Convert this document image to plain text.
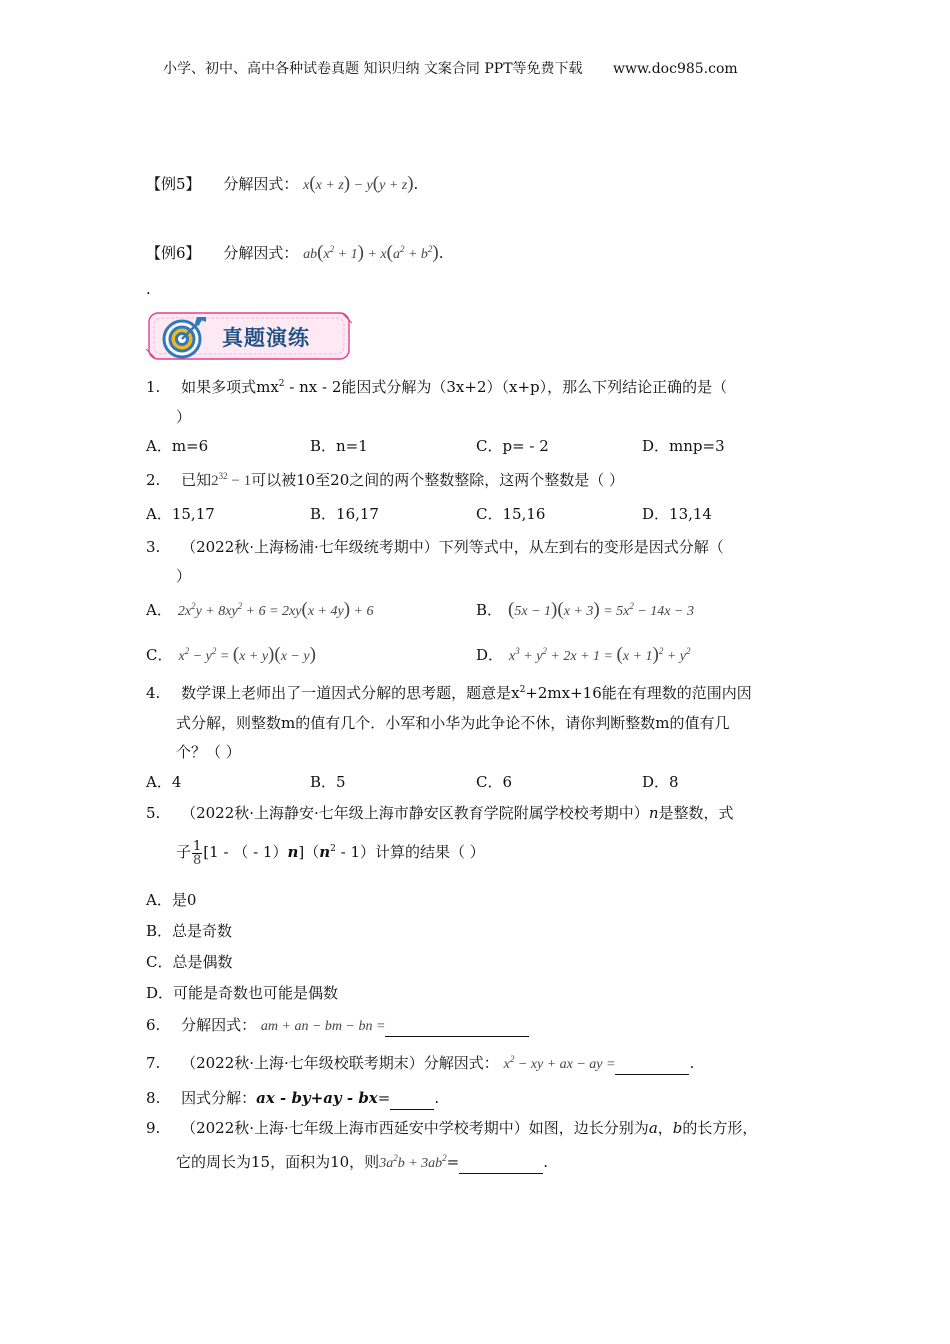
小学、初中、高中各种试卷真题 知识归纳 文案合同 PPT等免费下载 www.doc985.com
【例5】 分解因式： x(x + z) − y(y + z).
【例6】 分解因式： $ab(x^2 + 1) + x(a^2 + b^2)$.
.
真题演练
1. 如果多项式$mx^2$ - nx - 2能因式分解为（3x+2）（x+p），那么下列结论正确的是（
）
A．m=6	B．n=1	C．p= - 2	D．mnp=3
2. 已知$2^{32} - 1$可以被10至20之间的两个整数整除，这两个整数是（ ）
A．15,17	B．16,17	C．15,16	D．13,14
3. （2022秋·上海杨浦·七年级统考期中）下列等式中，从左到右的变形是因式分解（
）
A． $2x^2y + 8xy^2 + 6 = 2xy(x + 4y) + 6$	B． $(5x - 1)(x + 3) = 5x^2 - 14x - 3$
C． $x^2 - y^2 = (x + y)(x - y)$	D． $x^3 + y^2 + 2x + 1 = (x + 1)^2 + y^2$
4. 数学课上老师出了一道因式分解的思考题，题意是$x^2+2mx+16$能在有理数的范围内因
式分解，则整数m的值有几个．小军和小华为此争论不休，请你判断整数m的值有几
个？（ ）
A．4	B．5	C．6	D．8
5. （2022秋·上海静安·七年级上海市静安区教育学院附属学校校考期中）n是整数，式
子 $\frac{1}{8} [1$ - （ - $1)n](n^2 - 1)$计算的结果（ ）
A．是0
B．总是奇数
C．总是偶数
D．可能是奇数也可能是偶数
6. 分解因式： am + an − bm − bn =
7. （2022秋·上海·七年级校联考期末）分解因式： $x^2$ − xy + ax − ay =	.
8. 因式分解：ax - by+ay - bx=	.
9. （2022秋·上海·七年级上海市西延安中学校考期中）如图，边长分别为a，b的长方形，
它的周长为15，面积为10，则$3a^2b + 3ab^2=$	.
